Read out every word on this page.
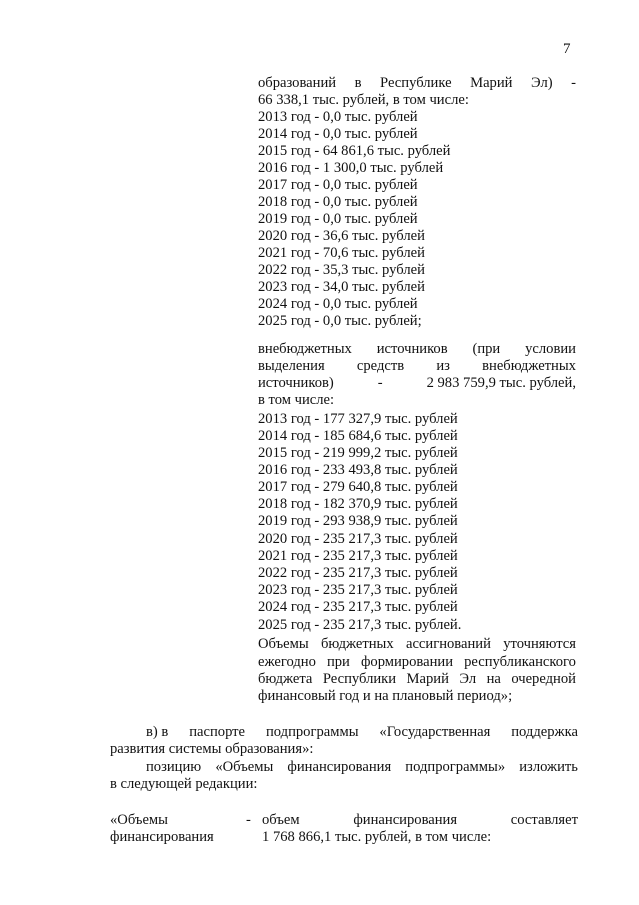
7
образований в Республике Марий Эл) -
66 338,1 тыс. рублей, в том числе:
2013 год - 0,0 тыс. рублей
2014 год - 0,0 тыс. рублей
2015 год - 64 861,6 тыс. рублей
2016 год - 1 300,0 тыс. рублей
2017 год - 0,0 тыс. рублей
2018 год - 0,0 тыс. рублей
2019 год - 0,0 тыс. рублей
2020 год - 36,6 тыс. рублей
2021 год - 70,6 тыс. рублей
2022 год - 35,3 тыс. рублей
2023 год - 34,0 тыс. рублей
2024 год - 0,0 тыс. рублей
2025 год - 0,0 тыс. рублей;
внебюджетных источников (при условии
выделения средств из внебюджетных
источников)	-	2 983 759,9 тыс. рублей,
в том числе:
2013 год - 177 327,9 тыс. рублей
2014 год - 185 684,6 тыс. рублей
2015 год - 219 999,2 тыс. рублей
2016 год - 233 493,8 тыс. рублей
2017 год - 279 640,8 тыс. рублей
2018 год - 182 370,9 тыс. рублей
2019 год - 293 938,9 тыс. рублей
2020 год - 235 217,3 тыс. рублей
2021 год - 235 217,3 тыс. рублей
2022 год - 235 217,3 тыс. рублей
2023 год - 235 217,3 тыс. рублей
2024 год - 235 217,3 тыс. рублей
2025 год - 235 217,3 тыс. рублей.
Объемы бюджетных ассигнований уточняются
ежегодно при формировании республиканского
бюджета Республики Марий Эл на очередной
финансовый год и на плановый период»;
в) в паспорте подпрограммы «Государственная поддержка
развития системы образования»:
позицию «Объемы финансирования подпрограммы» изложить
в следующей редакции:
«Объемы
финансирования
- объем	финансирования	составляет
1 768 866,1 тыс. рублей, в том числе:
